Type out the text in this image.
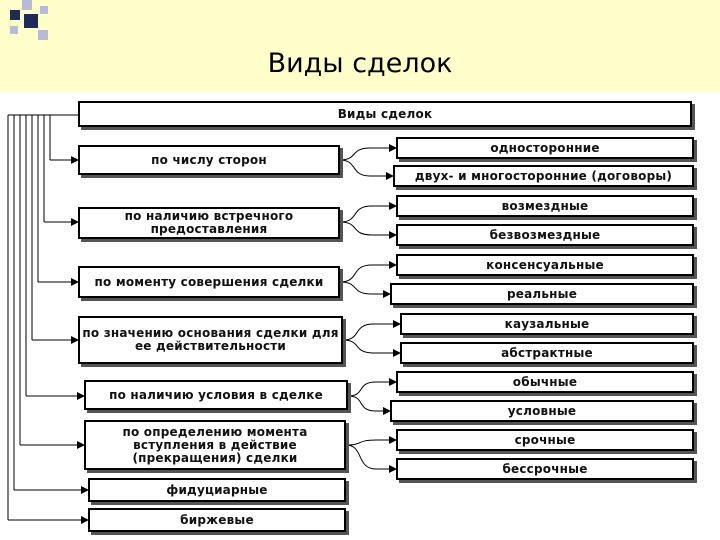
Виды сделок
Виды сделок
по числу сторон
по наличию встречного предоставления
по моменту совершения сделки
по значению основания сделки для ее действительности
по наличию условия в сделке
по определению момента вступления в действие (прекращения) сделки
фидуциарные
биржевые
односторонние
двух- и многосторонние (договоры)
возмездные
безвозмездные
консенсуальные
реальные
каузальные
абстрактные
обычные
условные
срочные
бессрочные
